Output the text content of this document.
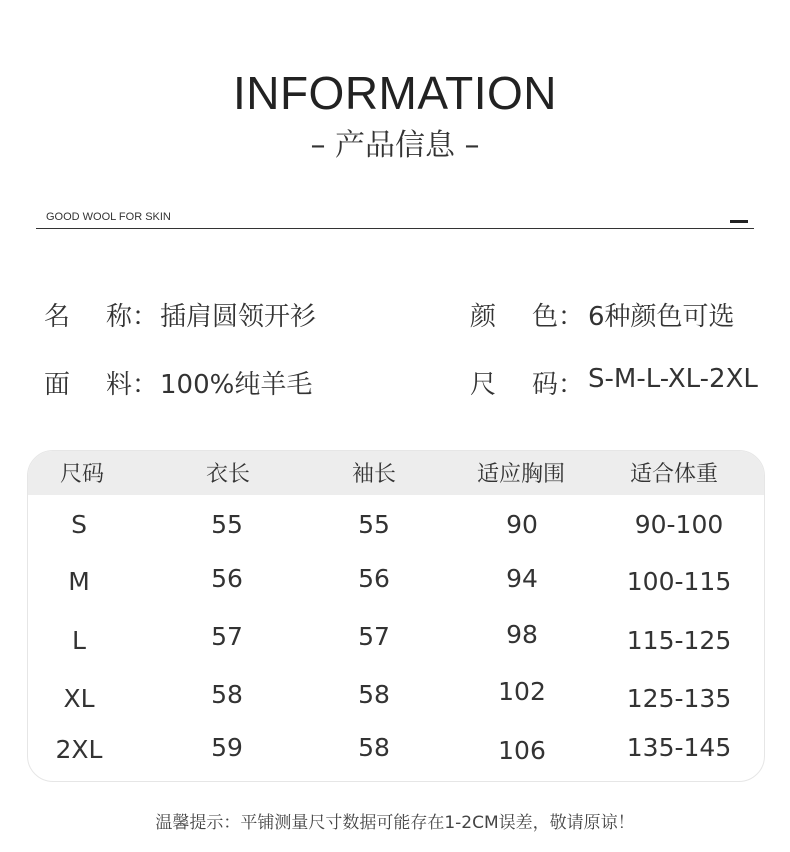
INFORMATION
– 产品信息 –
GOOD WOOL FOR SKIN
名 称： 插肩圆领开衫	颜 色： 6种颜色可选
面 料： 100%纯羊毛	尺 码： S-M-L-XL-2XL
尺码	衣长	袖长	适应胸围	适合体重
S	55	55	90	90-100
M	56	56	94	100-115
L	57	57	98	115-125
XL	58	58	102	125-135
2XL	59	58	106	135-145
温馨提示：平铺测量尺寸数据可能存在1-2CM误差，敬请原谅！
